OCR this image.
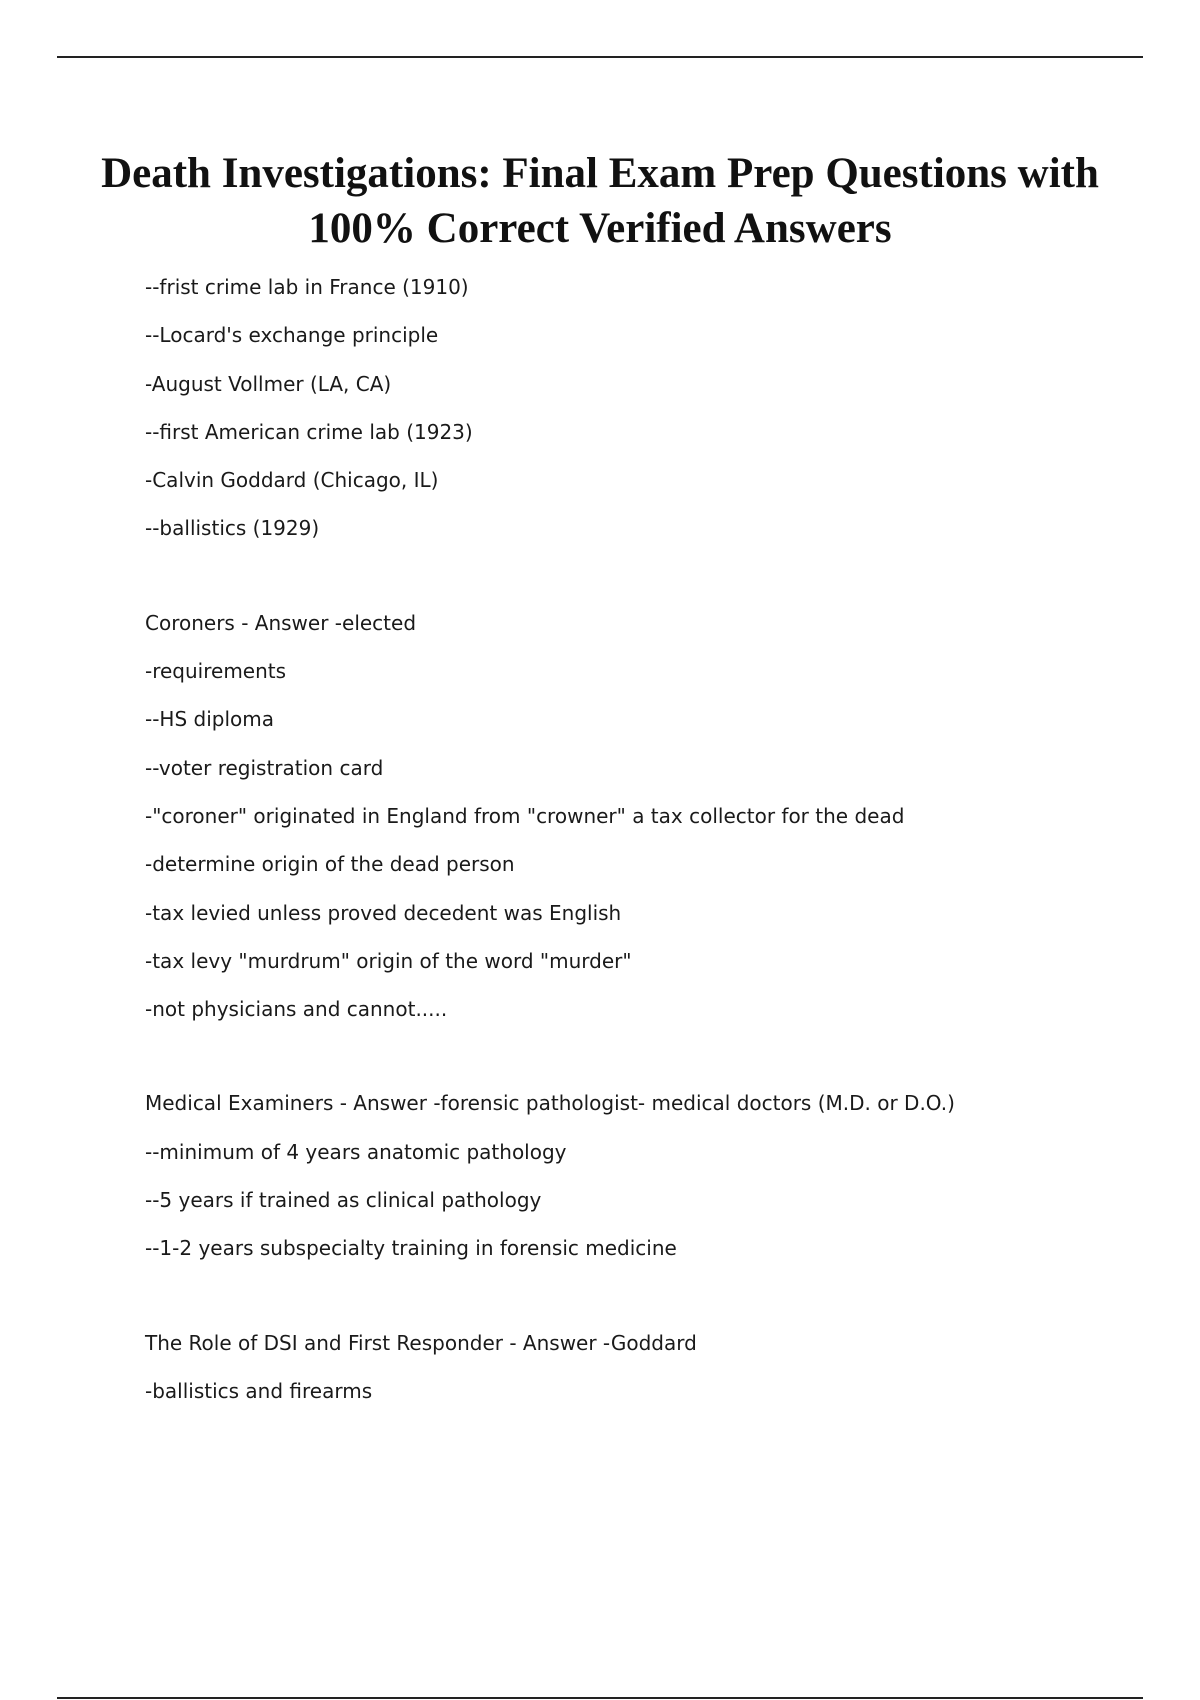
Death Investigations: Final Exam Prep Questions with 100% Correct Verified Answers
--frist crime lab in France (1910)
--Locard's exchange principle
-August Vollmer (LA, CA)
--first American crime lab (1923)
-Calvin Goddard (Chicago, IL)
--ballistics (1929)
Coroners - Answer -elected
-requirements
--HS diploma
--voter registration card
-"coroner" originated in England from "crowner" a tax collector for the dead
-determine origin of the dead person
-tax levied unless proved decedent was English
-tax levy "murdrum" origin of the word "murder"
-not physicians and cannot.....
Medical Examiners - Answer -forensic pathologist- medical doctors (M.D. or D.O.)
--minimum of 4 years anatomic pathology
--5 years if trained as clinical pathology
--1-2 years subspecialty training in forensic medicine
The Role of DSI and First Responder - Answer -Goddard
-ballistics and firearms
